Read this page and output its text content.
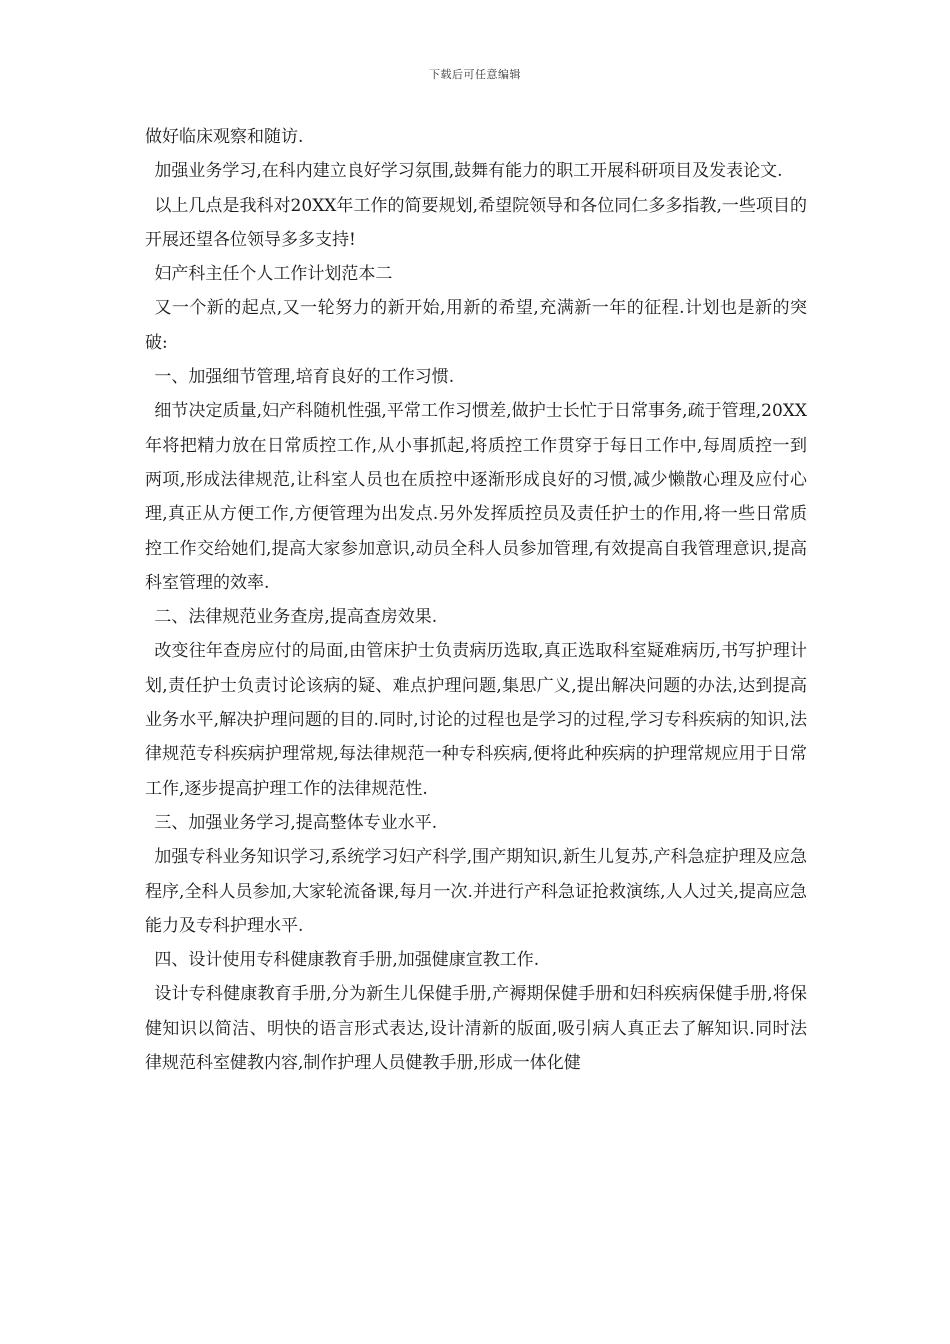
下载后可任意编辑

做好临床观察和随访.

加强业务学习,在科内建立良好学习氛围,鼓舞有能力的职工开展科研项目及发表论文.

以上几点是我科对20XX年工作的简要规划,希望院领导和各位同仁多多指教,一些项目的开展还望各位领导多多支持!

妇产科主任个人工作计划范本二

又一个新的起点,又一轮努力的新开始,用新的希望,充满新一年的征程.计划也是新的突破:

一、加强细节管理,培育良好的工作习惯.

细节决定质量,妇产科随机性强,平常工作习惯差,做护士长忙于日常事务,疏于管理,20XX年将把精力放在日常质控工作,从小事抓起,将质控工作贯穿于每日工作中,每周质控一到两项,形成法律规范,让科室人员也在质控中逐渐形成良好的习惯,减少懒散心理及应付心理,真正从方便工作,方便管理为出发点.另外发挥质控员及责任护士的作用,将一些日常质控工作交给她们,提高大家参加意识,动员全科人员参加管理,有效提高自我管理意识,提高科室管理的效率.

二、法律规范业务查房,提高查房效果.

改变往年查房应付的局面,由管床护士负责病历选取,真正选取科室疑难病历,书写护理计划,责任护士负责讨论该病的疑、难点护理问题,集思广义,提出解决问题的办法,达到提高业务水平,解决护理问题的目的.同时,讨论的过程也是学习的过程,学习专科疾病的知识,法律规范专科疾病护理常规,每法律规范一种专科疾病,便将此种疾病的护理常规应用于日常工作,逐步提高护理工作的法律规范性.

三、加强业务学习,提高整体专业水平.

加强专科业务知识学习,系统学习妇产科学,围产期知识,新生儿复苏,产科急症护理及应急程序,全科人员参加,大家轮流备课,每月一次.并进行产科急证抢救演练,人人过关,提高应急能力及专科护理水平.

四、设计使用专科健康教育手册,加强健康宣教工作.

设计专科健康教育手册,分为新生儿保健手册,产褥期保健手册和妇科疾病保健手册,将保健知识以简洁、明快的语言形式表达,设计清新的版面,吸引病人真正去了解知识.同时法律规范科室健教内容,制作护理人员健教手册,形成一体化健
